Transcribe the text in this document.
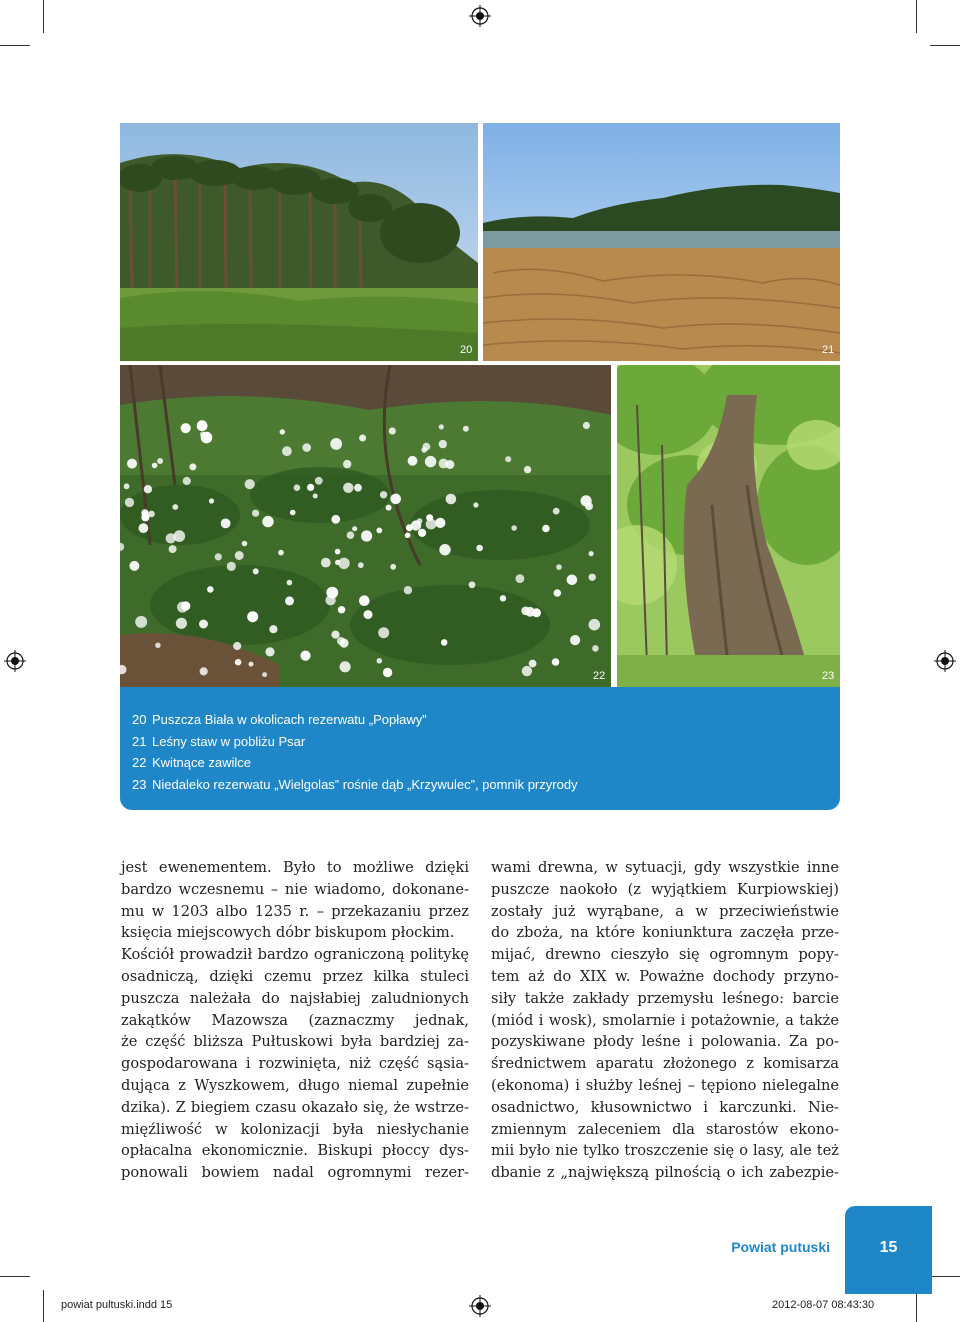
20	21
22	23
20 Puszcza Biała w okolicach rezerwatu „Popławy”
21 Leśny staw w pobliżu Psar
22 Kwitnące zawilce
23 Niedaleko rezerwatu „Wielgolas” rośnie dąb „Krzywulec”, pomnik przyrody
jest ewenementem. Było to możliwe dzięki
bardzo wczesnemu – nie wiadomo, dokonane-
mu w 1203 albo 1235 r. – przekazaniu przez
księcia miejscowych dóbr biskupom płockim.
Kościół prowadził bardzo ograniczoną politykę
osadniczą, dzięki czemu przez kilka stuleci
puszcza należała do najsłabiej zaludnionych
zakątków Mazowsza (zaznaczmy jednak,
że część bliższa Pułtuskowi była bardziej za-
gospodarowana i rozwinięta, niż część sąsia-
dująca z Wyszkowem, długo niemal zupełnie
dzika). Z biegiem czasu okazało się, że wstrze-
mięźliwość w kolonizacji była niesłychanie
opłacalna ekonomicznie. Biskupi płoccy dys-
ponowali bowiem nadal ogromnymi rezer-
wami drewna, w sytuacji, gdy wszystkie inne
puszcze naokoło (z wyjątkiem Kurpiowskiej)
zostały już wyrąbane, a w przeciwieństwie
do zboża, na które koniunktura zaczęła prze-
mijać, drewno cieszyło się ogromnym popy-
tem aż do XIX w. Poważne dochody przyno-
siły także zakłady przemysłu leśnego: barcie
(miód i wosk), smolarnie i potażownie, a także
pozyskiwane płody leśne i polowania. Za po-
średnictwem aparatu złożonego z komisarza
(ekonoma) i służby leśnej – tępiono nielegalne
osadnictwo, kłusownictwo i karczunki. Nie-
zmiennym zaleceniem dla starostów ekono-
mii było nie tylko troszczenie się o lasy, ale też
dbanie z „największą pilnością o ich zabezpie-
Powiat putuski	15
powiat pultuski.indd 15	2012-08-07 08:43:30
